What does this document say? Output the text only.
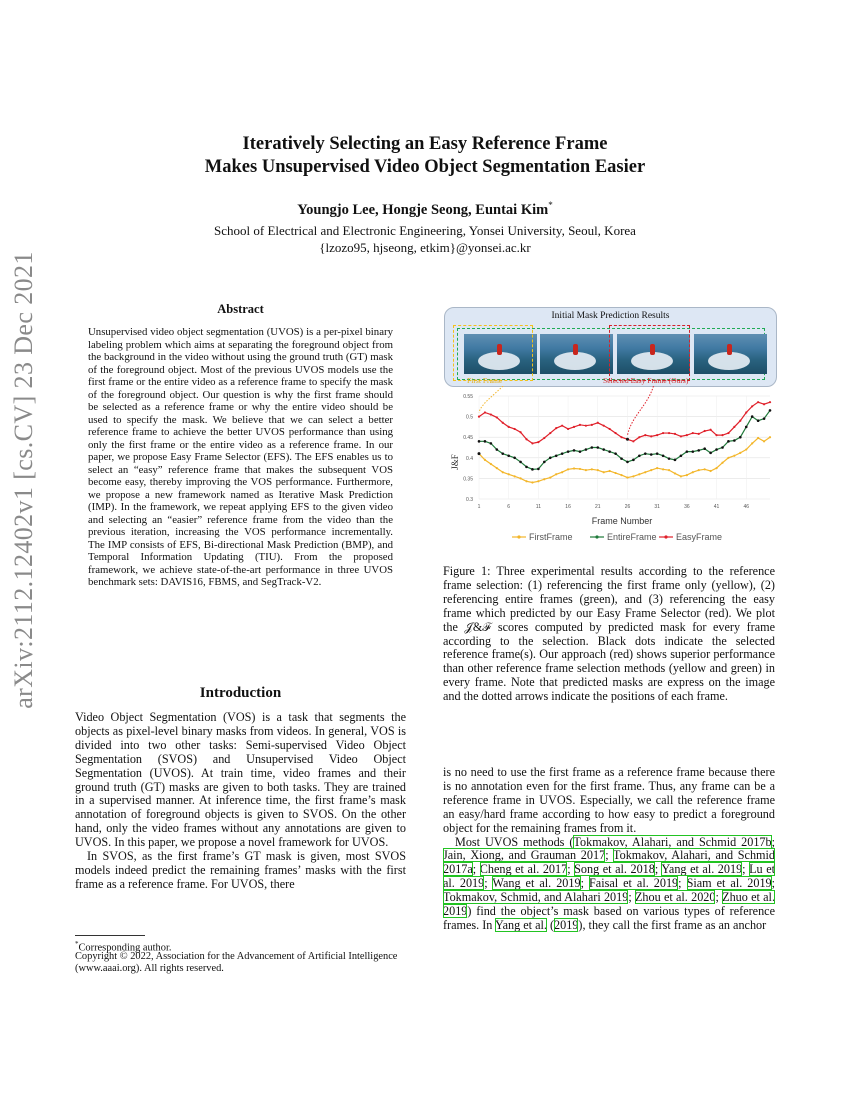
arXiv:2112.12402v1 [cs.CV] 23 Dec 2021
Iteratively Selecting an Easy Reference Frame
Makes Unsupervised Video Object Segmentation Easier
Youngjo Lee, Hongje Seong, Euntai Kim*
School of Electrical and Electronic Engineering, Yonsei University, Seoul, Korea
{lzozo95, hjseong, etkim}@yonsei.ac.kr
Abstract
Unsupervised video object segmentation (UVOS) is a per-pixel binary labeling problem which aims at separating the foreground object from the background in the video without using the ground truth (GT) mask of the foreground object. Most of the previous UVOS models use the first frame or the entire video as a reference frame to specify the mask of the foreground object. Our question is why the first frame should be selected as a reference frame or why the entire video should be used to specify the mask. We believe that we can select a better reference frame to achieve the better UVOS performance than using only the first frame or the entire video as a reference frame. In our paper, we propose Easy Frame Selector (EFS). The EFS enables us to select an “easy” reference frame that makes the subsequent VOS become easy, thereby improving the VOS performance. Furthermore, we propose a new framework named as Iterative Mask Prediction (IMP). In the framework, we repeat applying EFS to the given video and selecting an “easier” reference frame from the video than the previous iteration, increasing the VOS performance incrementally. The IMP consists of EFS, Bi-directional Mask Prediction (BMP), and Temporal Information Updating (TIU). From the proposed framework, we achieve state-of-the-art performance in three UVOS benchmark sets: DAVIS16, FBMS, and SegTrack-V2.
Introduction

Video Object Segmentation (VOS) is a task that segments the objects as pixel-level binary masks from videos. In general, VOS is divided into two other tasks: Semi-supervised Video Object Segmentation (SVOS) and Unsupervised Video Object Segmentation (UVOS). At train time, video frames and their ground truth (GT) masks are given to both tasks. They are trained in a supervised manner. At inference time, the first frame’s mask annotation of foreground objects is given to SVOS. On the other hand, only the video frames without any annotations are given to UVOS. In this paper, we propose a novel framework for UVOS.

In SVOS, as the first frame’s GT mask is given, most SVOS models indeed predict the remaining frames’ masks with the first frame as a reference frame. For UVOS, there

*Corresponding author.
Copyright © 2022, Association for the Advancement of Artificial Intelligence (www.aaai.org). All rights reserved.
Initial Mask Prediction Results
First Frame	Selected Easy Frame (Ours)
0.3
0.35
0.4
0.45
0.5
0.55
1	6	11	16	21	26	31	36	41	46
J&F
Frame Number
FirstFrame	EntireFrame EasyFrame
Figure 1: Three experimental results according to the reference frame selection: (1) referencing the first frame only (yellow), (2) referencing entire frames (green), and (3) referencing the easy frame which predicted by our Easy Frame Selector (red). We plot the 𝒥&ℱ scores computed by predicted mask for every frame according to the selection. Black dots indicate the selected reference frame(s). Our approach (red) shows superior performance than other reference frame selection methods (yellow and green) in every frame. Note that predicted masks are express on the image and the dotted arrows indicate the positions of each frame.

is no need to use the first frame as a reference frame because there is no annotation even for the first frame. Thus, any frame can be a reference frame in UVOS. Especially, we call the reference frame an easy/hard frame according to how easy to predict a foreground object for the remaining frames from it.

Most UVOS methods (Tokmakov, Alahari, and Schmid 2017b; Jain, Xiong, and Grauman 2017; Tokmakov, Alahari, and Schmid 2017a; Cheng et al. 2017; Song et al. 2018; Yang et al. 2019; Lu et al. 2019; Wang et al. 2019; Faisal et al. 2019; Siam et al. 2019; Tokmakov, Schmid, and Alahari 2019; Zhou et al. 2020; Zhuo et al. 2019) find the object’s mask based on various types of reference frames. In Yang et al. (2019), they call the first frame as an anchor
